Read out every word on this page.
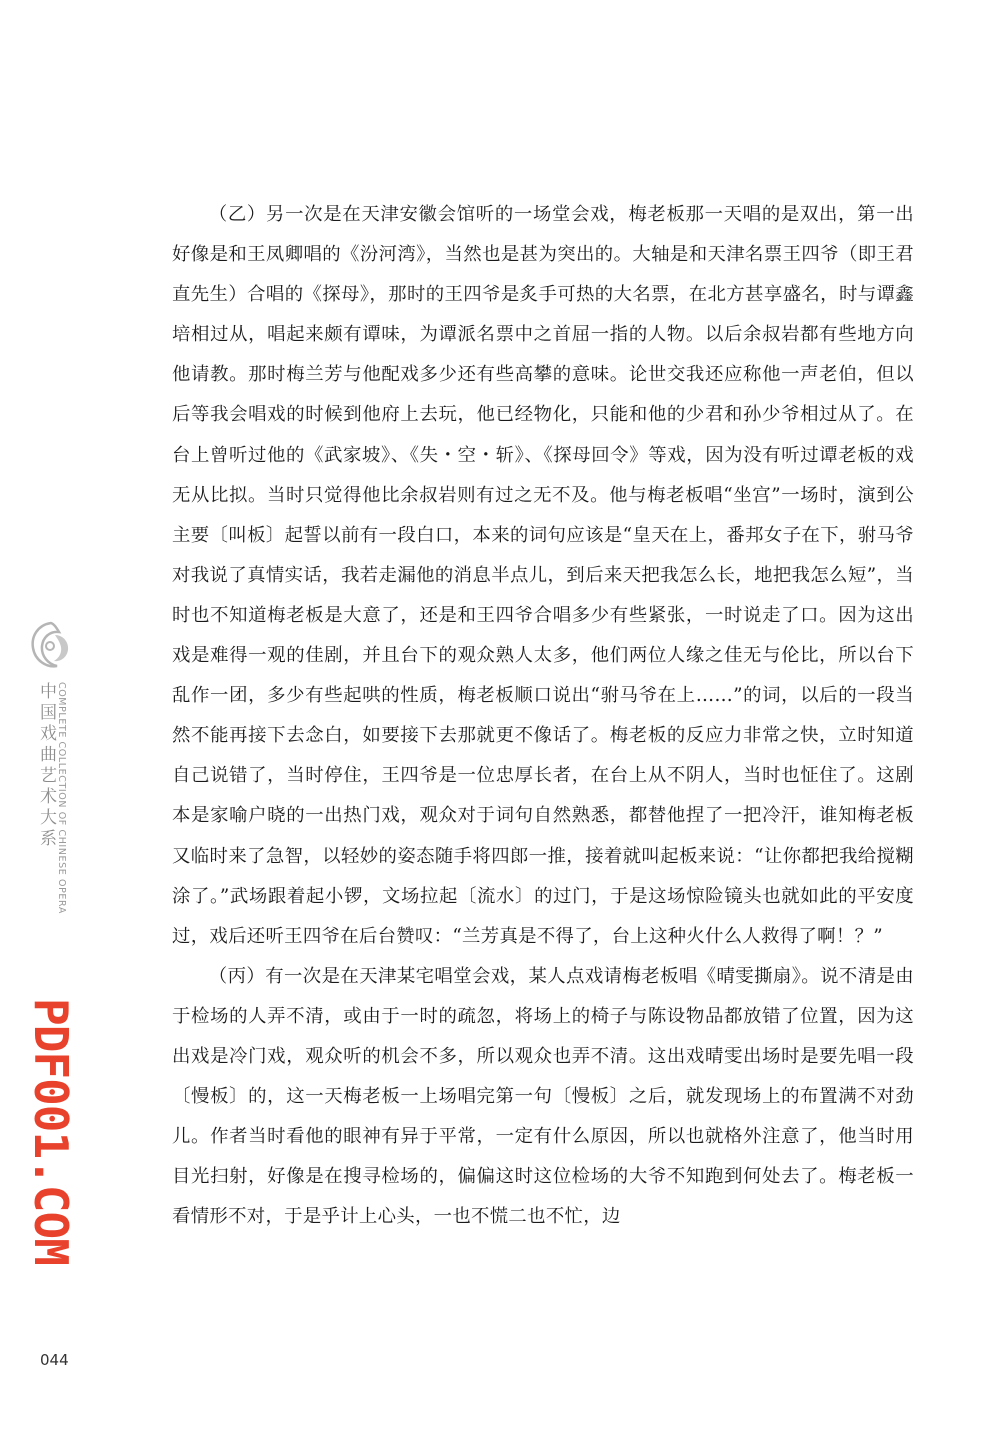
（乙）另一次是在天津安徽会馆听的一场堂会戏，梅老板那一天唱的是双出，第一出好像是和王凤卿唱的《汾河湾》，当然也是甚为突出的。大轴是和天津名票王四爷（即王君直先生）合唱的《探母》，那时的王四爷是炙手可热的大名票，在北方甚享盛名，时与谭鑫培相过从，唱起来颇有谭味，为谭派名票中之首屈一指的人物。以后余叔岩都有些地方向他请教。那时梅兰芳与他配戏多少还有些高攀的意味。论世交我还应称他一声老伯，但以后等我会唱戏的时候到他府上去玩，他已经物化，只能和他的少君和孙少爷相过从了。在台上曾听过他的《武家坡》、《失・空・斩》、《探母回令》等戏，因为没有听过谭老板的戏无从比拟。当时只觉得他比余叔岩则有过之无不及。他与梅老板唱“坐宫”一场时，演到公主要〔叫板〕起誓以前有一段白口，本来的词句应该是“皇天在上，番邦女子在下，驸马爷对我说了真情实话，我若走漏他的消息半点儿，到后来天把我怎么长，地把我怎么短”，当时也不知道梅老板是大意了，还是和王四爷合唱多少有些紧张，一时说走了口。因为这出戏是难得一观的佳剧，并且台下的观众熟人太多，他们两位人缘之佳无与伦比，所以台下乱作一团，多少有些起哄的性质，梅老板顺口说出“驸马爷在上……”的词，以后的一段当然不能再接下去念白，如要接下去那就更不像话了。梅老板的反应力非常之快，立时知道自己说错了，当时停住，王四爷是一位忠厚长者，在台上从不阴人，当时也怔住了。这剧本是家喻户晓的一出热门戏，观众对于词句自然熟悉，都替他捏了一把冷汗，谁知梅老板又临时来了急智，以轻妙的姿态随手将四郎一推，接着就叫起板来说：“让你都把我给搅糊涂了。”武场跟着起小锣，文场拉起〔流水〕的过门，于是这场惊险镜头也就如此的平安度过，戏后还听王四爷在后台赞叹：“兰芳真是不得了，台上这种火什么人救得了啊！？”

（丙）有一次是在天津某宅唱堂会戏，某人点戏请梅老板唱《晴雯撕扇》。说不清是由于检场的人弄不清，或由于一时的疏忽，将场上的椅子与陈设物品都放错了位置，因为这出戏是冷门戏，观众听的机会不多，所以观众也弄不清。这出戏晴雯出场时是要先唱一段〔慢板〕的，这一天梅老板一上场唱完第一句〔慢板〕之后，就发现场上的布置满不对劲儿。作者当时看他的眼神有异于平常，一定有什么原因，所以也就格外注意了，他当时用目光扫射，好像是在搜寻检场的，偏偏这时这位检场的大爷不知跑到何处去了。梅老板一看情形不对，于是乎计上心头，一也不慌二也不忙，边

中国戏曲艺术大系 COMPLETE COLLECTION OF CHINESE OPERA
PDF001.COM
044
